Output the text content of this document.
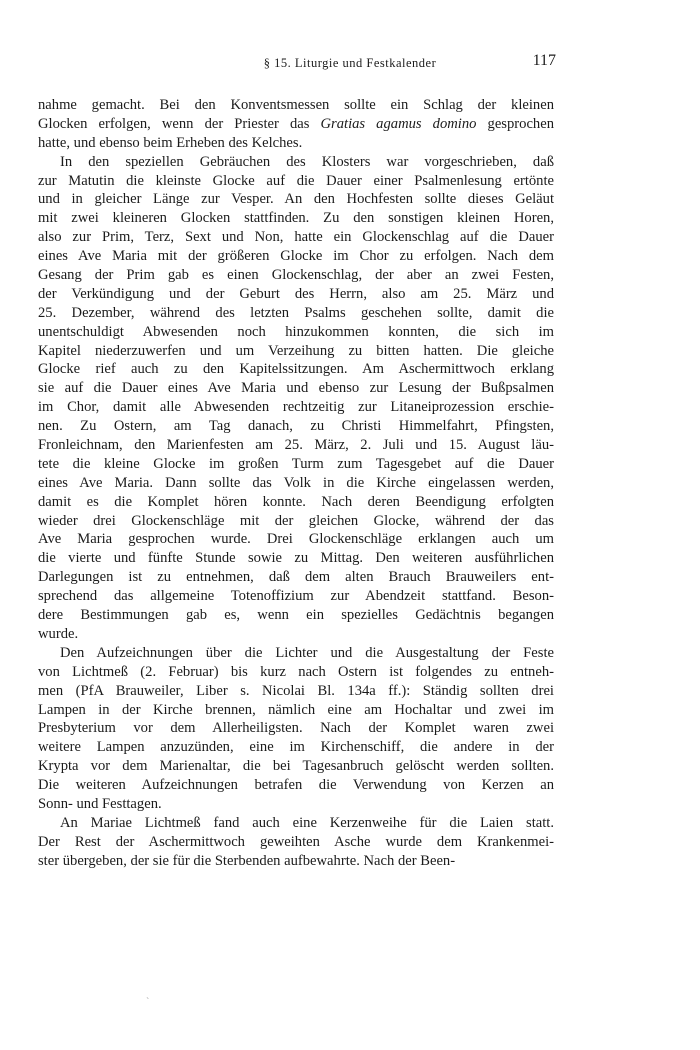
§ 15. Liturgie und Festkalender	117
nahme gemacht. Bei den Konventsmessen sollte ein Schlag der kleinen
Glocken erfolgen, wenn der Priester das Gratias agamus domino gesprochen
hatte, und ebenso beim Erheben des Kelches.
In den speziellen Gebräuchen des Klosters war vorgeschrieben, daß
zur Matutin die kleinste Glocke auf die Dauer einer Psalmenlesung ertönte
und in gleicher Länge zur Vesper. An den Hochfesten sollte dieses Geläut
mit zwei kleineren Glocken stattfinden. Zu den sonstigen kleinen Horen,
also zur Prim, Terz, Sext und Non, hatte ein Glockenschlag auf die Dauer
eines Ave Maria mit der größeren Glocke im Chor zu erfolgen. Nach dem
Gesang der Prim gab es einen Glockenschlag, der aber an zwei Festen,
der Verkündigung und der Geburt des Herrn, also am 25. März und
25. Dezember, während des letzten Psalms geschehen sollte, damit die
unentschuldigt Abwesenden noch hinzukommen konnten, die sich im
Kapitel niederzuwerfen und um Verzeihung zu bitten hatten. Die gleiche
Glocke rief auch zu den Kapitelssitzungen. Am Aschermittwoch erklang
sie auf die Dauer eines Ave Maria und ebenso zur Lesung der Bußpsalmen
im Chor, damit alle Abwesenden rechtzeitig zur Litaneiprozession erschie-
nen. Zu Ostern, am Tag danach, zu Christi Himmelfahrt, Pfingsten,
Fronleichnam, den Marienfesten am 25. März, 2. Juli und 15. August läu-
tete die kleine Glocke im großen Turm zum Tagesgebet auf die Dauer
eines Ave Maria. Dann sollte das Volk in die Kirche eingelassen werden,
damit es die Komplet hören konnte. Nach deren Beendigung erfolgten
wieder drei Glockenschläge mit der gleichen Glocke, während der das
Ave Maria gesprochen wurde. Drei Glockenschläge erklangen auch um
die vierte und fünfte Stunde sowie zu Mittag. Den weiteren ausführlichen
Darlegungen ist zu entnehmen, daß dem alten Brauch Brauweilers ent-
sprechend das allgemeine Totenoffizium zur Abendzeit stattfand. Beson-
dere Bestimmungen gab es, wenn ein spezielles Gedächtnis begangen
wurde.
Den Aufzeichnungen über die Lichter und die Ausgestaltung der Feste
von Lichtmeß (2. Februar) bis kurz nach Ostern ist folgendes zu entneh-
men (PfA Brauweiler, Liber s. Nicolai Bl. 134a ff.): Ständig sollten drei
Lampen in der Kirche brennen, nämlich eine am Hochaltar und zwei im
Presbyterium vor dem Allerheiligsten. Nach der Komplet waren zwei
weitere Lampen anzuzünden, eine im Kirchenschiff, die andere in der
Krypta vor dem Marienaltar, die bei Tagesanbruch gelöscht werden sollten.
Die weiteren Aufzeichnungen betrafen die Verwendung von Kerzen an
Sonn- und Festtagen.
An Mariae Lichtmeß fand auch eine Kerzenweihe für die Laien statt.
Der Rest der Aschermittwoch geweihten Asche wurde dem Krankenmei-
ster übergeben, der sie für die Sterbenden aufbewahrte. Nach der Been-
ˋ
